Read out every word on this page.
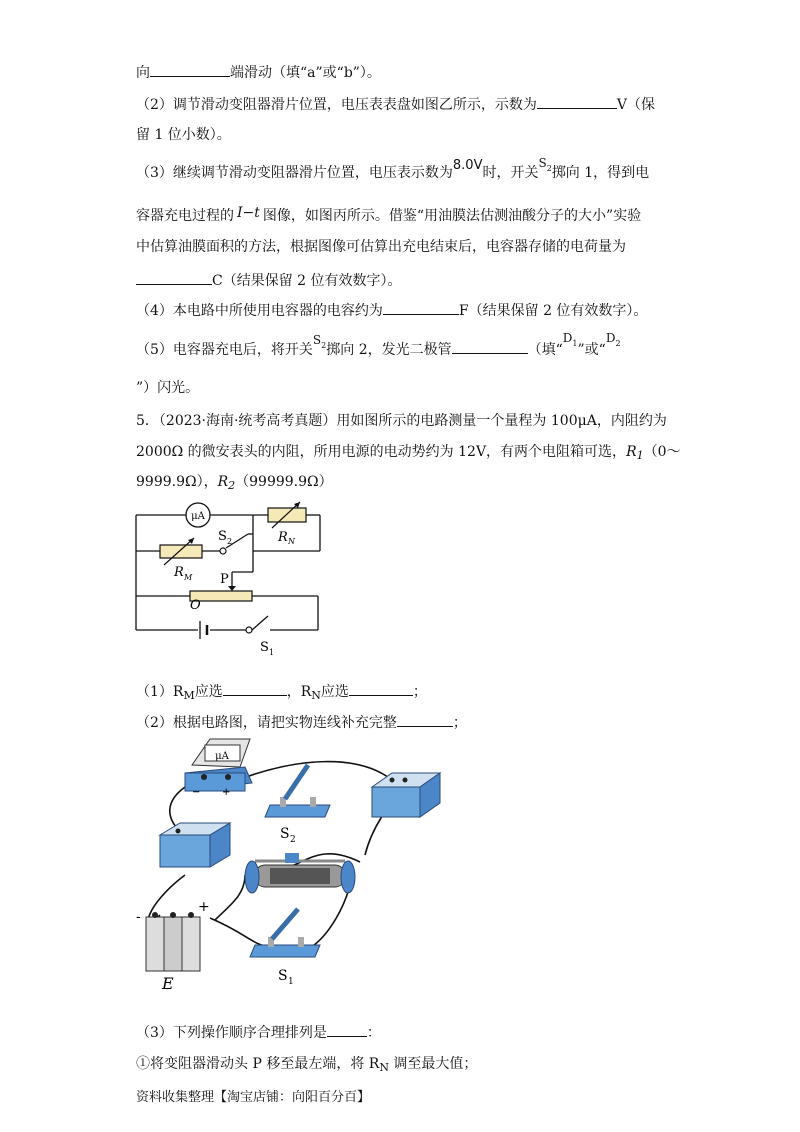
向	端滑动（填“a”或“b”）。
（2）调节滑动变阻器滑片位置，电压表表盘如图乙所示，示数为	V（保
留 1 位小数）。
（3）继续调节滑动变阻器滑片位置，电压表示数为8.0V时，开关$S^2$掷向 1，得到电
容器充电过程的 I−t 图像，如图丙所示。借鉴“用油膜法估测油酸分子的大小”实验
中估算油膜面积的方法，根据图像可估算出充电结束后，电容器存储的电荷量为
C（结果保留 2 位有效数字）。
（4）本电路中所使用电容器的电容约为	F（结果保留 2 位有效数字）。
（5）电容器充电后，将开关$S^2$掷向 2，发光二极管	（填“$D^1$”或“$D^2$
”）闪光。
5．（2023·海南·统考高考真题）用如图所示的电路测量一个量程为 100μA，内阻约为
2000Ω 的微安表头的内阻，所用电源的电动势约为 12V，有两个电阻箱可选，$R_1(0\sim$
9999.9Ω），$R_2(99999.9\Omega)$
μA
R N
S 2
R M P
O
S 1
$(1)R_M$应选	，$R_N$应选	；
（2）根据电路图，请把实物连线补充完整	；
μA
− +
S 2
-
+
E	S 1
（3）下列操作顺序合理排列是	：
①将变阻器滑动头 P 移至最左端，将 $R_N$ 调至最大值；
资料收集整理【淘宝店铺：向阳百分百】
